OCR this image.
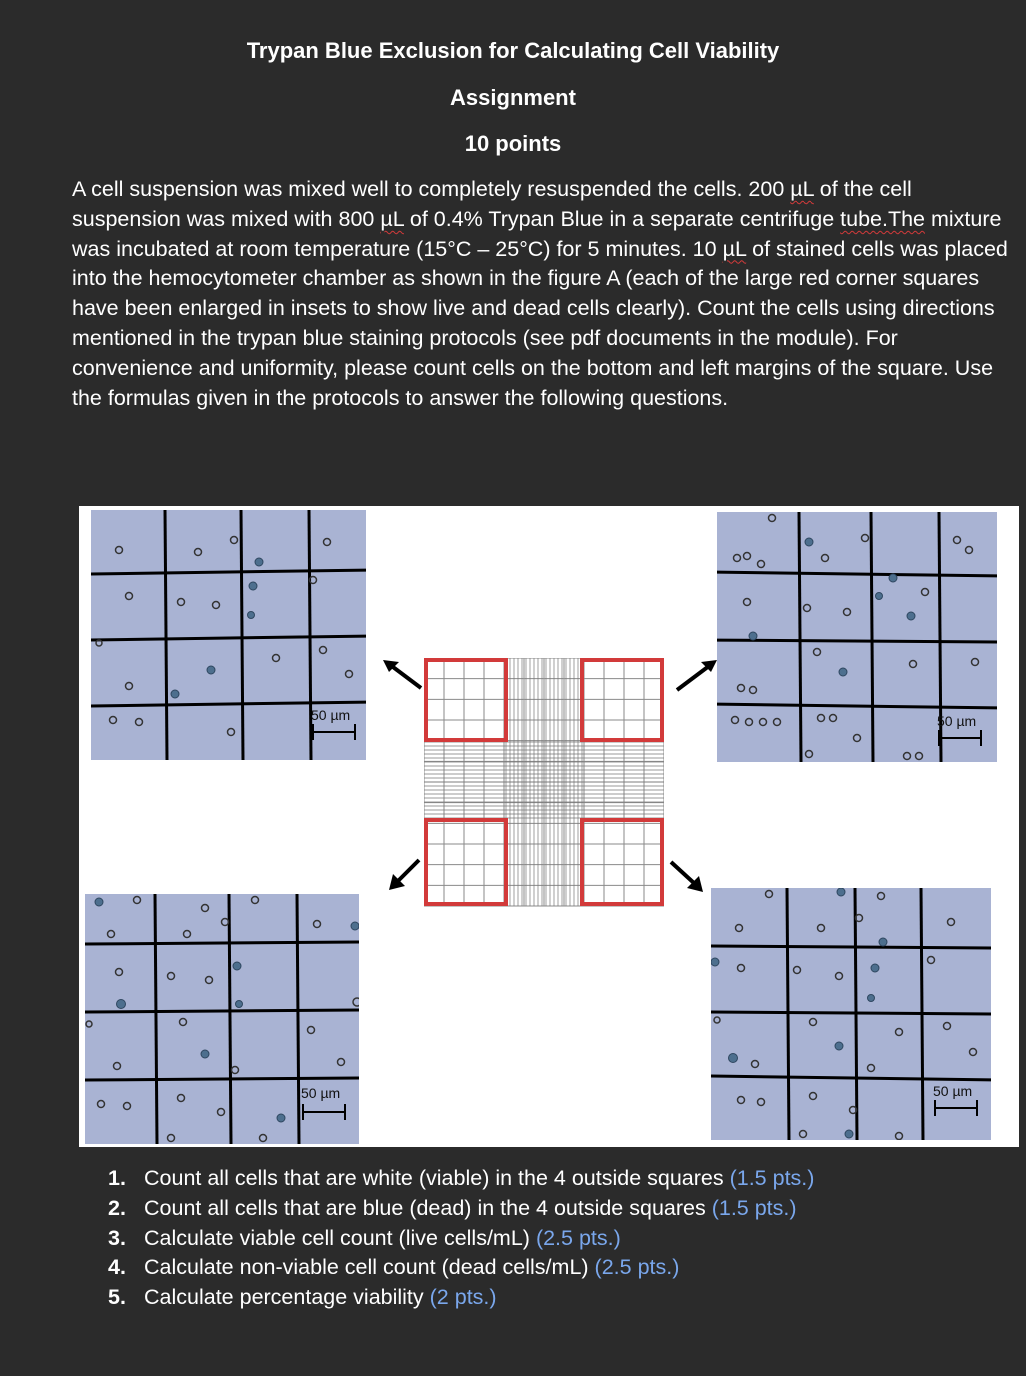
Trypan Blue Exclusion for Calculating Cell Viability
Assignment
10 points
A cell suspension was mixed well to completely resuspended the cells. 200 µL of the cell suspension was mixed with 800 µL of 0.4% Trypan Blue in a separate centrifuge tube.The mixture was incubated at room temperature (15°C – 25°C) for 5 minutes. 10 µL of stained cells was placed into the hemocytometer chamber as shown in the figure A (each of the large red corner squares have been enlarged in insets to show live and dead cells clearly). Count the cells using directions mentioned in the trypan blue staining protocols (see pdf documents in the module). For convenience and uniformity, please count cells on the bottom and left margins of the square. Use the formulas given in the protocols to answer the following questions.
50 µm	50 µm
50 µm	50 µm
1. Count all cells that are white (viable) in the 4 outside squares (1.5 pts.)
2. Count all cells that are blue (dead) in the 4 outside squares (1.5 pts.)
3. Calculate viable cell count (live cells/mL) (2.5 pts.)
4. Calculate non-viable cell count (dead cells/mL) (2.5 pts.)
5. Calculate percentage viability (2 pts.)
